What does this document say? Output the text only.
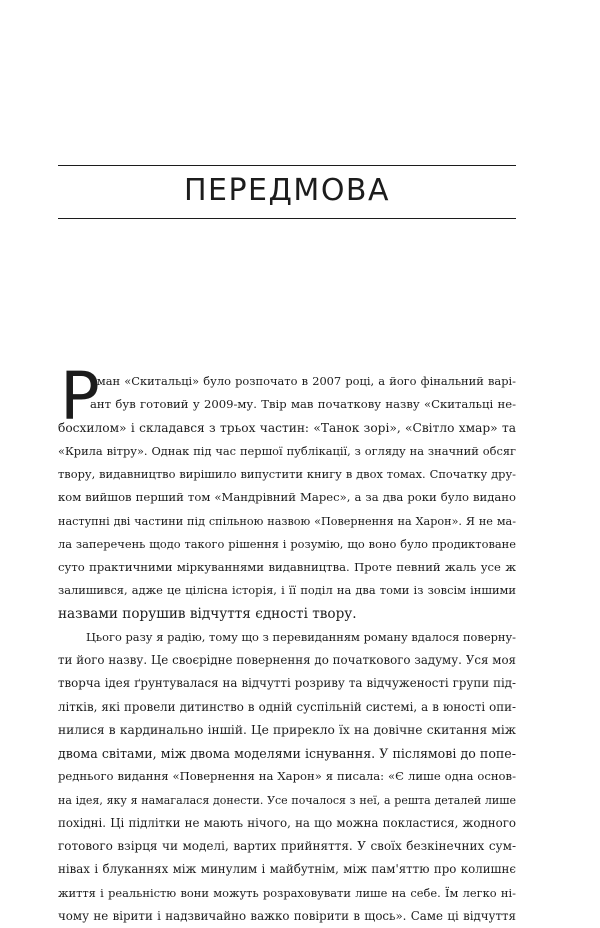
ПЕРЕДМОВА
Р
оман «Скитальці» було розпочато в 2007 році, а його фінальний варі-
ант був готовий у 2009-му. Твір мав початкову назву «Скитальці не-
босхилом» і складався з трьох частин: «Танок зорі», «Світло хмар» та
«Крила вітру». Однак під час першої публікації, з огляду на значний обсяг
твору, видавництво вирішило випустити книгу в двох томах. Спочатку дру-
ком вийшов перший том «Мандрівний Марес», а за два роки було видано
наступні дві частини під спільною назвою «Повернення на Харон». Я не ма-
ла заперечень щодо такого рішення і розумію, що воно було продиктоване
суто практичними міркуваннями видавництва. Проте певний жаль усе ж
залишився, адже це цілісна історія, і її поділ на два томи із зовсім іншими
назвами порушив відчуття єдності твору.
Цього разу я радію, тому що з перевиданням роману вдалося поверну-
ти його назву. Це своєрідне повернення до початкового задуму. Уся моя
творча ідея ґрунтувалася на відчутті розриву та відчуженості групи під-
літків, які провели дитинство в одній суспільній системі, а в юності опи-
нилися в кардинально іншій. Це прирекло їх на довічне скитання між
двома світами, між двома моделями існування. У післямові до попе-
реднього видання «Повернення на Харон» я писала: «Є лише одна основ-
на ідея, яку я намагалася донести. Усе почалося з неї, а решта деталей лише
похідні. Ці підлітки не мають нічого, на що можна покластися, жодного
готового взірця чи моделі, вартих прийняття. У своїх безкінечних сум-
нівах і блуканнях між минулим і майбутнім, між пам'яттю про колишнє
життя і реальністю вони можуть розраховувати лише на себе. Їм легко ні-
чому не вірити і надзвичайно важко повірити в щось». Саме ці відчуття
